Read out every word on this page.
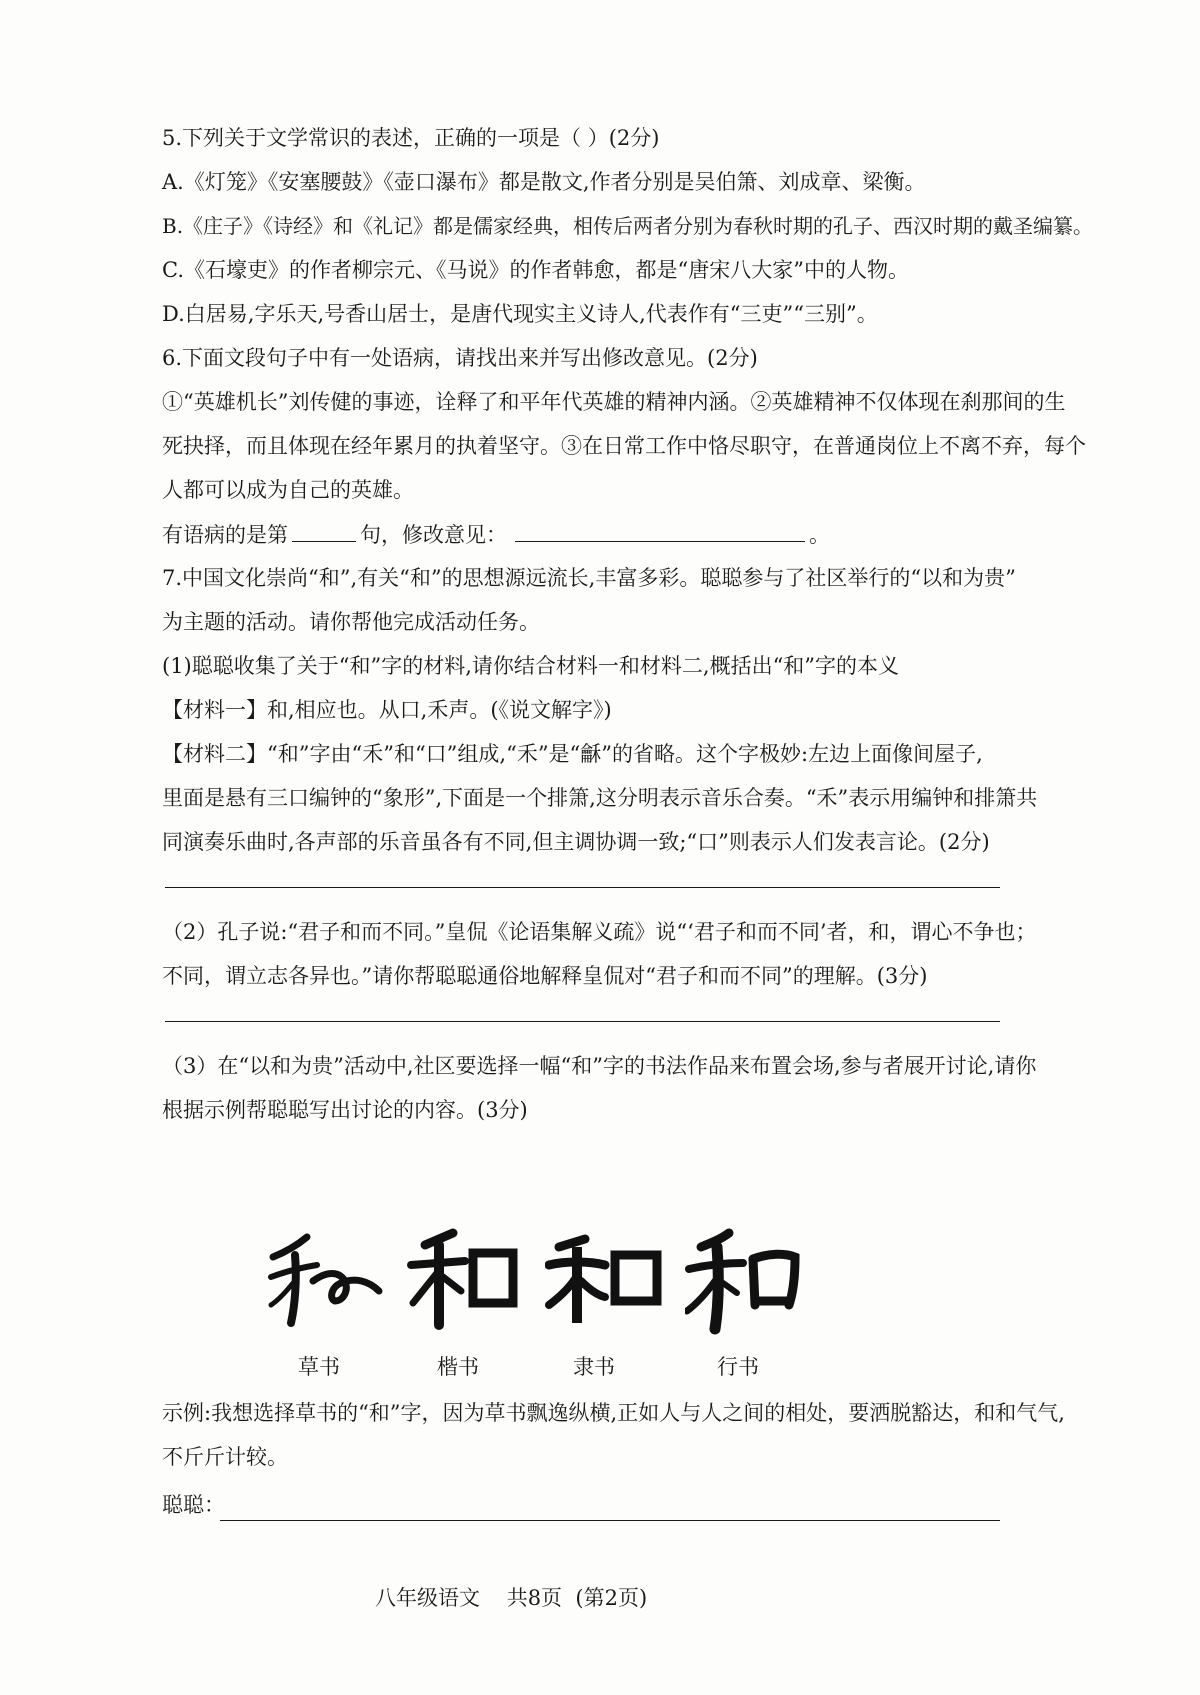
5.下列关于文学常识的表述，正确的一项是（ ）(2分)
A.《灯笼》《安塞腰鼓》《壶口瀑布》都是散文,作者分别是吴伯箫、刘成章、梁衡。
B.《庄子》《诗经》和《礼记》都是儒家经典，相传后两者分别为春秋时期的孔子、西汉时期的戴圣编纂。
C.《石壕吏》的作者柳宗元、《马说》的作者韩愈，都是“唐宋八大家”中的人物。
D.白居易,字乐天,号香山居士，是唐代现实主义诗人,代表作有“三吏”“三别”。
6.下面文段句子中有一处语病，请找出来并写出修改意见。(2分)
①“英雄机长”刘传健的事迹，诠释了和平年代英雄的精神内涵。②英雄精神不仅体现在刹那间的生
死抉择，而且体现在经年累月的执着坚守。③在日常工作中恪尽职守，在普通岗位上不离不弃，每个
人都可以成为自己的英雄。
有语病的是第	句，修改意见：	。
7.中国文化崇尚“和”,有关“和”的思想源远流长,丰富多彩。聪聪参与了社区举行的“以和为贵”
为主题的活动。请你帮他完成活动任务。
(1)聪聪收集了关于“和”字的材料,请你结合材料一和材料二,概括出“和”字的本义
【材料一】和,相应也。从口,禾声。(《说文解字》)
【材料二】“和”字由“禾”和“口”组成,“禾”是“龢”的省略。这个字极妙:左边上面像间屋子,
里面是悬有三口编钟的“象形”,下面是一个排箫,这分明表示音乐合奏。“禾”表示用编钟和排箫共
同演奏乐曲时,各声部的乐音虽各有不同,但主调协调一致;“口”则表示人们发表言论。(2分)
（2）孔子说:“君子和而不同。”皇侃《论语集解义疏》说“‘君子和而不同’者，和，谓心不争也；
不同，谓立志各异也。”请你帮聪聪通俗地解释皇侃对“君子和而不同”的理解。(3分)
（3）在“以和为贵”活动中,社区要选择一幅“和”字的书法作品来布置会场,参与者展开讨论,请你
根据示例帮聪聪写出讨论的内容。(3分)
草书	楷书	隶书	行书
示例:我想选择草书的“和”字，因为草书飘逸纵横,正如人与人之间的相处，要洒脱豁达，和和气气,
不斤斤计较。
聪聪：
八年级语文    共8页  (第2页)
